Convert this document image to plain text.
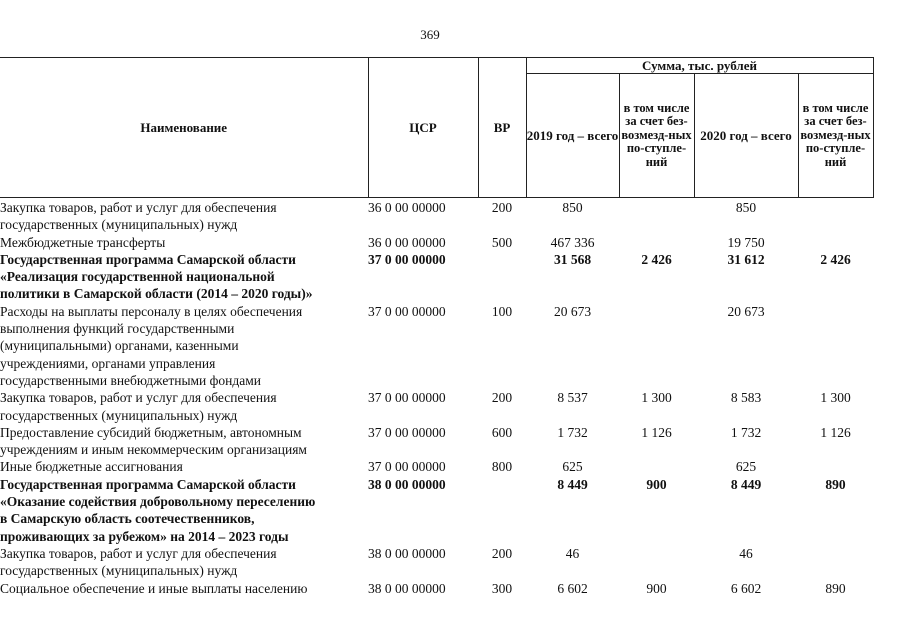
369
Наименование	ЦСР	ВР	Сумма, тыс. рублей			
			2019 год – всего	в том числе за счет без-возмезд-ных по-ступле-ний	2020 год – всего	в том числе за счет без-возмезд-ных по-ступле-ний

Закупка товаров, работ и услуг для обеспечения
государственных (муниципальных) нужд	36 0 00 00000	200	850		850	

Межбюджетные трансферты	36 0 00 00000	500	467 336		19 750	

Государственная программа Самарской области
«Реализация государственной национальной
политики в Самарской области (2014 – 2020 годы)»	37 0 00 00000		31 568	2 426	31 612	2 426

Расходы на выплаты персоналу в целях обеспечения
выполнения функций государственными
(муниципальными) органами, казенными
учреждениями, органами управления
государственными внебюджетными фондами	37 0 00 00000	100	20 673		20 673	

Закупка товаров, работ и услуг для обеспечения
государственных (муниципальных) нужд	37 0 00 00000	200	8 537	1 300	8 583	1 300

Предоставление субсидий бюджетным, автономным
учреждениям и иным некоммерческим организациям	37 0 00 00000	600	1 732	1 126	1 732	1 126

Иные бюджетные ассигнования	37 0 00 00000	800	625		625	

Государственная программа Самарской области
«Оказание содействия добровольному переселению
в Самарскую область соотечественников,
проживающих за рубежом» на 2014 – 2023 годы	38 0 00 00000		8 449	900	8 449	890

Закупка товаров, работ и услуг для обеспечения
государственных (муниципальных) нужд	38 0 00 00000	200	46		46	

Социальное обеспечение и иные выплаты населению	38 0 00 00000	300	6 602	900	6 602	890
